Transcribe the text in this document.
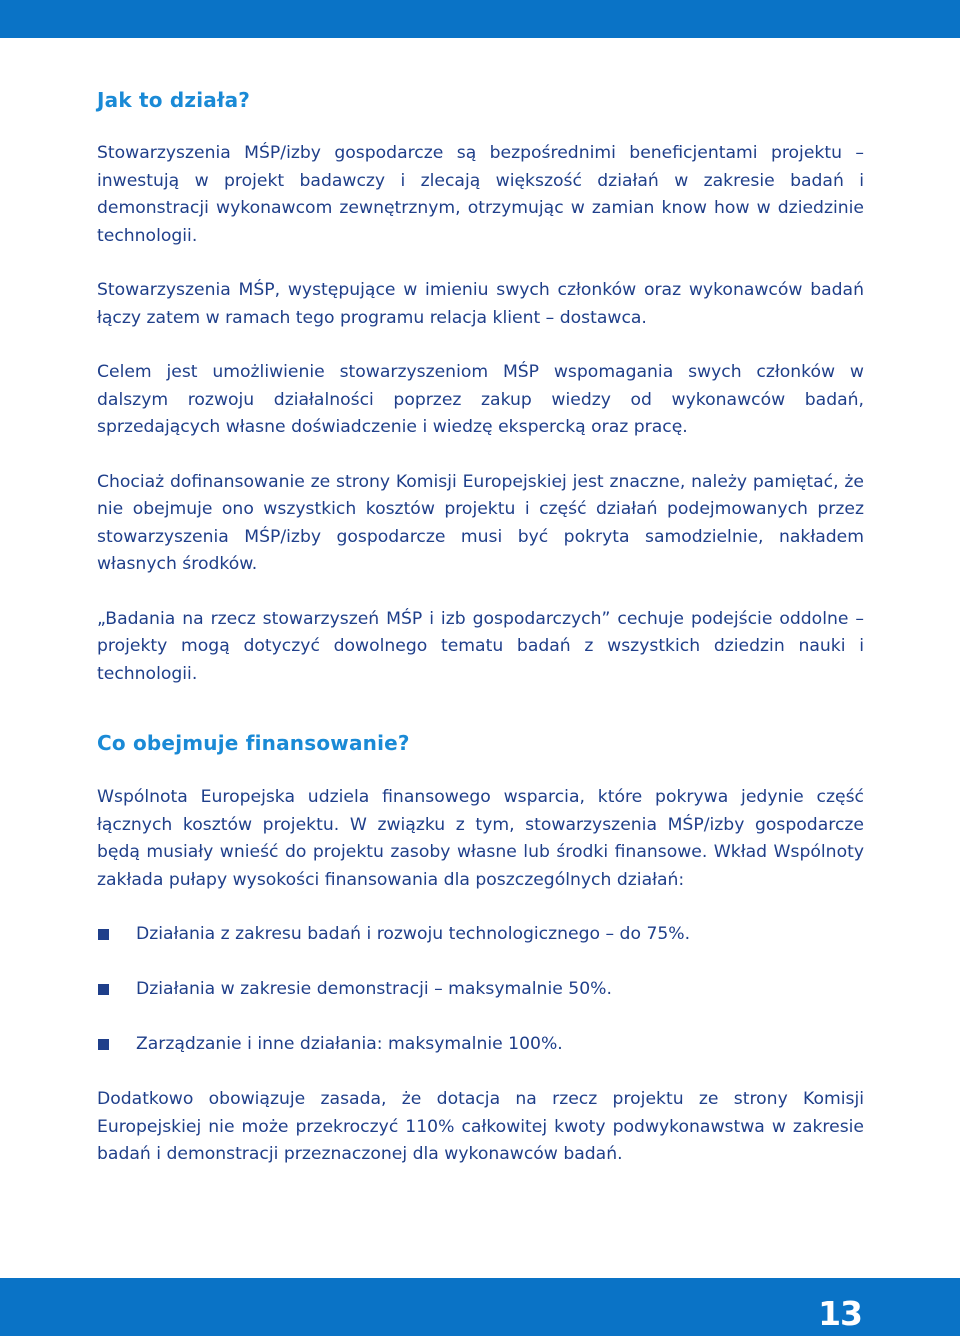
Jak to działa?

Stowarzyszenia MŚP/izby gospodarcze są bezpośrednimi beneficjentami projektu – inwestują w projekt badawczy i zlecają większość działań w zakresie badań i demonstracji wykonawcom zewnętrznym, otrzymując w zamian know how w dziedzinie technologii.

Stowarzyszenia MŚP, występujące w imieniu swych członków oraz wykonawców badań łączy zatem w ramach tego programu relacja klient – dostawca.

Celem jest umożliwienie stowarzyszeniom MŚP wspomagania swych członków w dalszym rozwoju działalności poprzez zakup wiedzy od wykonawców badań, sprzedających własne doświadczenie i wiedzę ekspercką oraz pracę.

Chociaż dofinansowanie ze strony Komisji Europejskiej jest znaczne, należy pamiętać, że nie obejmuje ono wszystkich kosztów projektu i część działań podejmowanych przez stowarzyszenia MŚP/izby gospodarcze musi być pokryta samodzielnie, nakładem własnych środków.

„Badania na rzecz stowarzyszeń MŚP i izb gospodarczych” cechuje podejście oddolne – projekty mogą dotyczyć dowolnego tematu badań z wszystkich dziedzin nauki i technologii.

Co obejmuje finansowanie?

Wspólnota Europejska udziela finansowego wsparcia, które pokrywa jedynie część łącznych kosztów projektu. W związku z tym, stowarzyszenia MŚP/izby gospodarcze będą musiały wnieść do projektu zasoby własne lub środki finansowe. Wkład Wspólnoty zakłada pułapy wysokości finansowania dla poszczególnych działań:

Działania z zakresu badań i rozwoju technologicznego – do 75%.
Działania w zakresie demonstracji – maksymalnie 50%.
Zarządzanie i inne działania: maksymalnie 100%.

Dodatkowo obowiązuje zasada, że dotacja na rzecz projektu ze strony Komisji Europejskiej nie może przekroczyć 110% całkowitej kwoty podwykonawstwa w zakresie badań i demonstracji przeznaczonej dla wykonawców badań.

13
